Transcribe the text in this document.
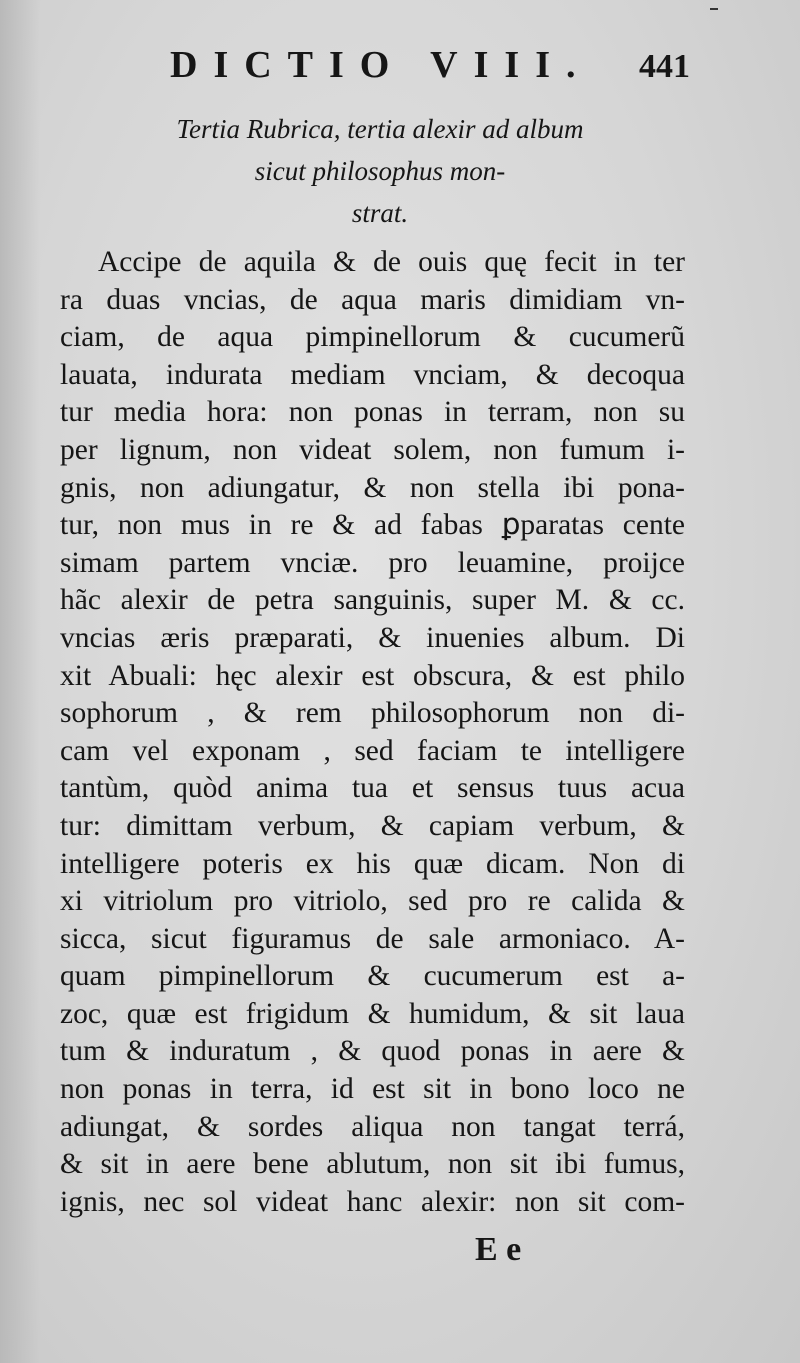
DICTIO VIII. 441
Tertia Rubrica, tertia alexir ad album
sicut philosophus mon-
strat.
Accipe de aquila & de ouis quę fecit in ter
ra duas vncias, de aqua maris dimidiam vn-
ciam, de aqua pimpinellorum & cucumerũ
lauata, indurata mediam vnciam, & decoqua
tur media hora: non ponas in terram, non su
per lignum, non videat solem, non fumum i-
gnis, non adiungatur, & non stella ibi pona-
tur, non mus in re & ad fabas ꝑparatas cente
simam partem vnciæ. pro leuamine, proijce
hãc alexir de petra sanguinis, super M. & cc.
vncias æris præparati, & inuenies album. Di
xit Abuali: hęc alexir est obscura, & est philo
sophorum , & rem philosophorum non di-
cam vel exponam , sed faciam te intelligere
tantùm, quòd anima tua et sensus tuus acua
tur: dimittam verbum, & capiam verbum, &
intelligere poteris ex his quæ dicam. Non di
xi vitriolum pro vitriolo, sed pro re calida &
sicca, sicut figuramus de sale armoniaco. A-
quam pimpinellorum & cucumerum est a-
zoc, quæ est frigidum & humidum, & sit laua
tum & induratum , & quod ponas in aere &
non ponas in terra, id est sit in bono loco ne
adiungat, & sordes aliqua non tangat terrá,
& sit in aere bene ablutum, non sit ibi fumus,
ignis, nec sol videat hanc alexir: non sit com-
E e
